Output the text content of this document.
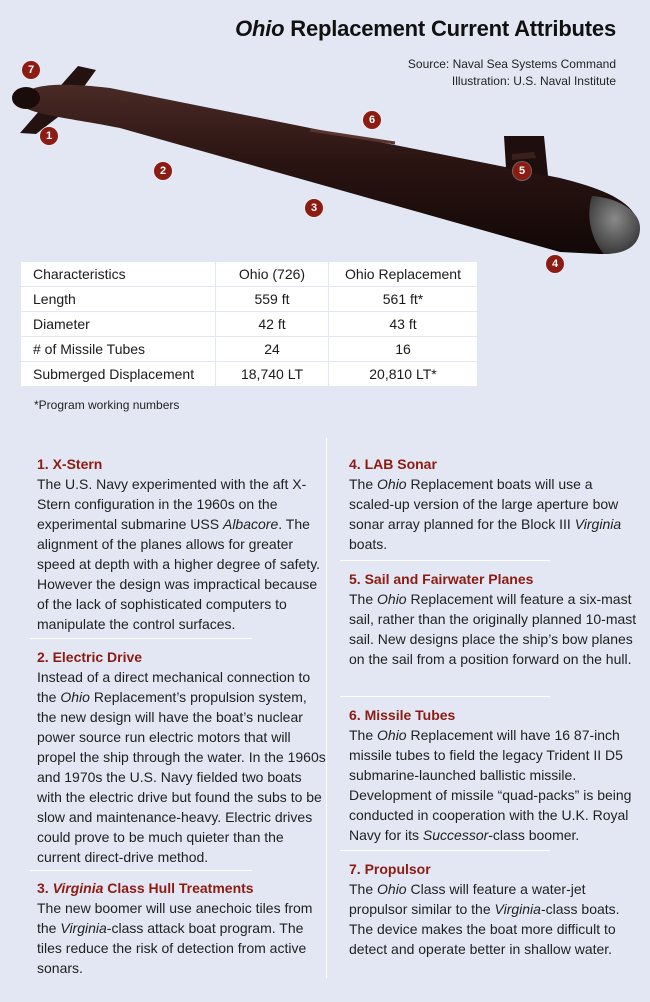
Ohio Replacement Current Attributes
Source: Naval Sea Systems Command
Illustration: U.S. Naval Institute
7
1
2
3
6
5
4
Characteristics	Ohio (726)	Ohio Replacement
Length	559 ft	561 ft*
Diameter	42 ft	43 ft
# of Missile Tubes	24	16
Submerged Displacement	18,740 LT	20,810 LT*
*Program working numbers
1. X-Stern

The U.S. Navy experimented with the aft X-Stern configuration in the 1960s on the experimental submarine USS Albacore. The alignment of the planes allows for greater speed at depth with a higher degree of safety. However the design was impractical because of the lack of sophisticated computers to manipulate the control surfaces.

2. Electric Drive

Instead of a direct mechanical connection to the Ohio Replacement’s propulsion system, the new design will have the boat’s nuclear power source run electric motors that will propel the ship through the water. In the 1960s and 1970s the U.S. Navy fielded two boats with the electric drive but found the subs to be slow and maintenance-heavy. Electric drives could prove to be much quieter than the current direct-drive method.

3. Virginia Class Hull Treatments

The new boomer will use anechoic tiles from the Virginia-class attack boat program. The tiles reduce the risk of detection from active sonars.

4. LAB Sonar

The Ohio Replacement boats will use a scaled-up version of the large aperture bow sonar array planned for the Block III Virginia boats.

5. Sail and Fairwater Planes

The Ohio Replacement will feature a six-mast sail, rather than the originally planned 10-mast sail. New designs place the ship’s bow planes on the sail from a position forward on the hull.

6. Missile Tubes

The Ohio Replacement will have 16 87-inch missile tubes to field the legacy Trident II D5 submarine-launched ballistic missile. Development of missile “quad-packs” is being conducted in cooperation with the U.K. Royal Navy for its Successor-class boomer.

7. Propulsor

The Ohio Class will feature a water-jet propulsor similar to the Virginia-class boats. The device makes the boat more difficult to detect and operate better in shallow water.
